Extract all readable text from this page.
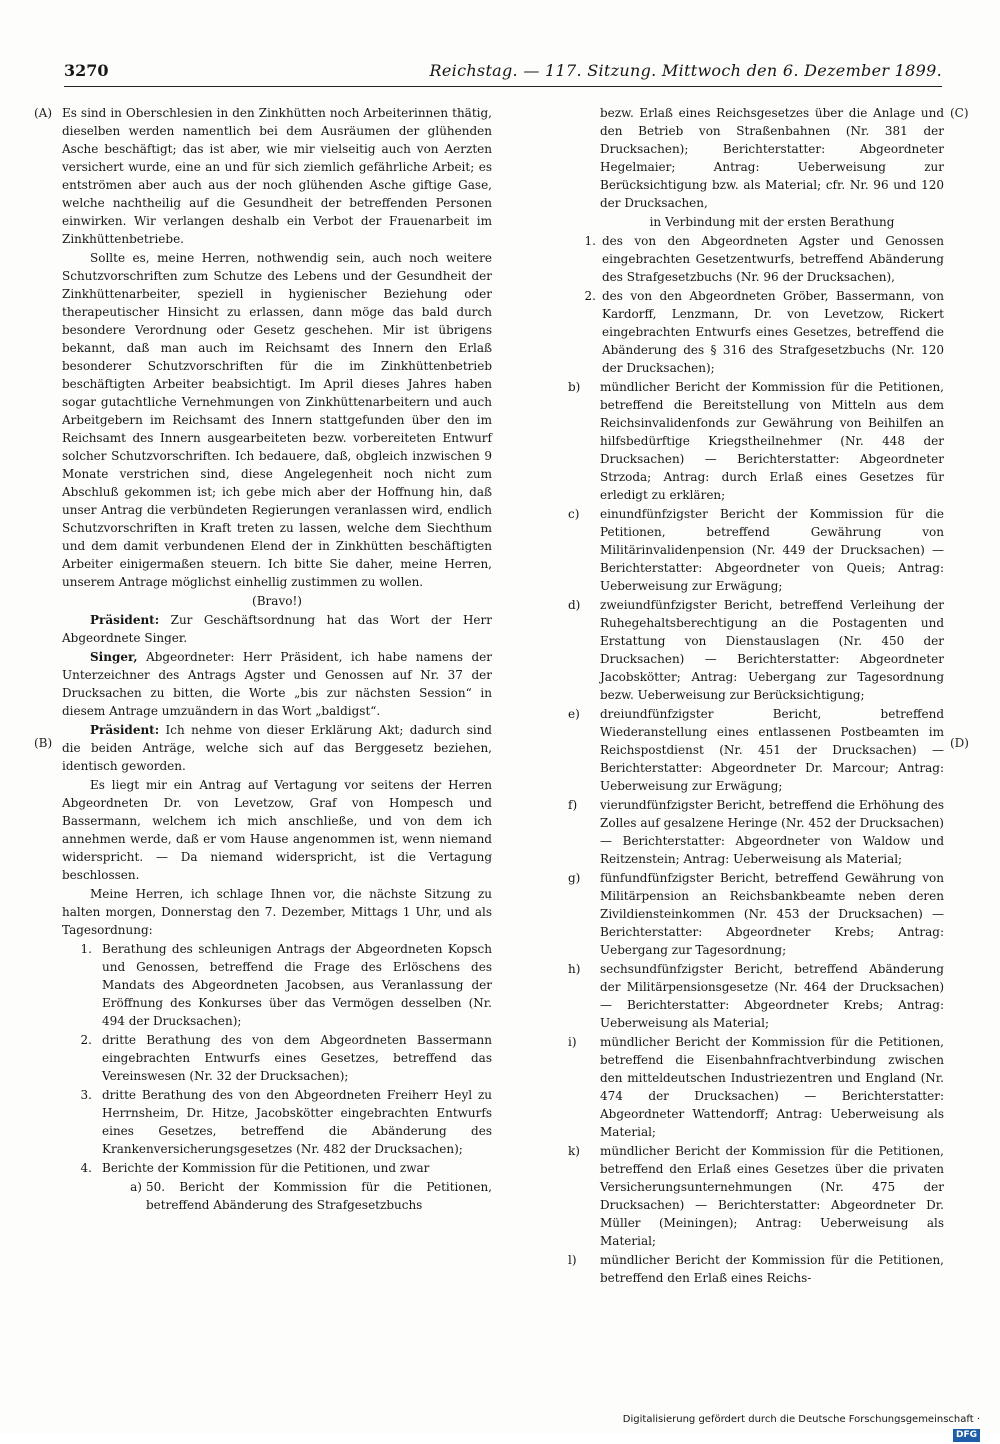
3270	Reichstag. — 117. Sitzung. Mittwoch den 6. Dezember 1899.
(A)
(B)
(C)
(D)

Es sind in Oberschlesien in den Zinkhütten noch Arbeiterinnen thätig, dieselben werden namentlich bei dem Ausräumen der glühenden Asche beschäftigt; das ist aber, wie mir vielseitig auch von Aerzten versichert wurde, eine an und für sich ziemlich gefährliche Arbeit; es entströmen aber auch aus der noch glühenden Asche giftige Gase, welche nachtheilig auf die Gesundheit der betreffenden Personen einwirken. Wir verlangen deshalb ein Verbot der Frauenarbeit im Zinkhüttenbetriebe.

Sollte es, meine Herren, nothwendig sein, auch noch weitere Schutzvorschriften zum Schutze des Lebens und der Gesundheit der Zinkhüttenarbeiter, speziell in hygienischer Beziehung oder therapeutischer Hinsicht zu erlassen, dann möge das bald durch besondere Verordnung oder Gesetz geschehen. Mir ist übrigens bekannt, daß man auch im Reichsamt des Innern den Erlaß besonderer Schutzvorschriften für die im Zinkhüttenbetrieb beschäftigten Arbeiter beabsichtigt. Im April dieses Jahres haben sogar gutachtliche Vernehmungen von Zinkhüttenarbeitern und auch Arbeitgebern im Reichsamt des Innern stattgefunden über den im Reichsamt des Innern ausgearbeiteten bezw. vorbereiteten Entwurf solcher Schutzvorschriften. Ich bedauere, daß, obgleich inzwischen 9 Monate verstrichen sind, diese Angelegenheit noch nicht zum Abschluß gekommen ist; ich gebe mich aber der Hoffnung hin, daß unser Antrag die verbündeten Regierungen veranlassen wird, endlich Schutzvorschriften in Kraft treten zu lassen, welche dem Siechthum und dem damit verbundenen Elend der in Zinkhütten beschäftigten Arbeiter einigermaßen steuern. Ich bitte Sie daher, meine Herren, unserem Antrage möglichst einhellig zustimmen zu wollen.

(Bravo!)

Präsident: Zur Geschäftsordnung hat das Wort der Herr Abgeordnete Singer.

Singer, Abgeordneter: Herr Präsident, ich habe namens der Unterzeichner des Antrags Agster und Genossen auf Nr. 37 der Drucksachen zu bitten, die Worte „bis zur nächsten Session“ in diesem Antrage umzuändern in das Wort „baldigst“.

Präsident: Ich nehme von dieser Erklärung Akt; dadurch sind die beiden Anträge, welche sich auf das Berggesetz beziehen, identisch geworden.

Es liegt mir ein Antrag auf Vertagung vor seitens der Herren Abgeordneten Dr. von Levetzow, Graf von Hompesch und Bassermann, welchem ich mich anschließe, und von dem ich annehmen werde, daß er vom Hause angenommen ist, wenn niemand widerspricht. — Da niemand widerspricht, ist die Vertagung beschlossen.

Meine Herren, ich schlage Ihnen vor, die nächste Sitzung zu halten morgen, Donnerstag den 7. Dezember, Mittags 1 Uhr, und als Tagesordnung:

1. Berathung des schleunigen Antrags der Abgeordneten Kopsch und Genossen, betreffend die Frage des Erlöschens des Mandats des Abgeordneten Jacobsen, aus Veranlassung der Eröffnung des Konkurses über das Vermögen desselben (Nr. 494 der Drucksachen);
2. dritte Berathung des von dem Abgeordneten Bassermann eingebrachten Entwurfs eines Gesetzes, betreffend das Vereinswesen (Nr. 32 der Drucksachen);
3. dritte Berathung des von den Abgeordneten Freiherr Heyl zu Herrnsheim, Dr. Hitze, Jacobskötter eingebrachten Entwurfs eines Gesetzes, betreffend die Abänderung des Krankenversicherungsgesetzes (Nr. 482 der Drucksachen);
4. Berichte der Kommission für die Petitionen, und zwar
a) 50. Bericht der Kommission für die Petitionen, betreffend Abänderung des Strafgesetzbuchs

bezw. Erlaß eines Reichsgesetzes über die Anlage und den Betrieb von Straßenbahnen (Nr. 381 der Drucksachen); Berichterstatter: Abgeordneter Hegelmaier; Antrag: Ueberweisung zur Berücksichtigung bzw. als Material; cfr. Nr. 96 und 120 der Drucksachen,

in Verbindung mit der ersten Berathung

1. des von den Abgeordneten Agster und Genossen eingebrachten Gesetzentwurfs, betreffend Abänderung des Strafgesetzbuchs (Nr. 96 der Drucksachen),
2. des von den Abgeordneten Gröber, Bassermann, von Kardorff, Lenzmann, Dr. von Levetzow, Rickert eingebrachten Entwurfs eines Gesetzes, betreffend die Abänderung des § 316 des Strafgesetzbuchs (Nr. 120 der Drucksachen);
b)	mündlicher Bericht der Kommission für die Petitionen, betreffend die Bereitstellung von Mitteln aus dem Reichsinvalidenfonds zur Gewährung von Beihilfen an hilfsbedürftige Kriegstheilnehmer (Nr. 448 der Drucksachen) — Berichterstatter: Abgeordneter Strzoda; Antrag: durch Erlaß eines Gesetzes für erledigt zu erklären;
c)	einundfünfzigster Bericht der Kommission für die Petitionen, betreffend Gewährung von Militärinvalidenpension (Nr. 449 der Drucksachen) — Berichterstatter: Abgeordneter von Queis; Antrag: Ueberweisung zur Erwägung;
d)	zweiundfünfzigster Bericht, betreffend Verleihung der Ruhegehaltsberechtigung an die Postagenten und Erstattung von Dienstauslagen (Nr. 450 der Drucksachen) — Berichterstatter: Abgeordneter Jacobskötter; Antrag: Uebergang zur Tagesordnung bezw. Ueberweisung zur Berücksichtigung;
e)	dreiundfünfzigster Bericht, betreffend Wiederanstellung eines entlassenen Postbeamten im Reichspostdienst (Nr. 451 der Drucksachen) — Berichterstatter: Abgeordneter Dr. Marcour; Antrag: Ueberweisung zur Erwägung;
f)	vierundfünfzigster Bericht, betreffend die Erhöhung des Zolles auf gesalzene Heringe (Nr. 452 der Drucksachen) — Berichterstatter: Abgeordneter von Waldow und Reitzenstein; Antrag: Ueberweisung als Material;
g)	fünfundfünfzigster Bericht, betreffend Gewährung von Militärpension an Reichsbankbeamte neben deren Zivildiensteinkommen (Nr. 453 der Drucksachen) — Berichterstatter: Abgeordneter Krebs; Antrag: Uebergang zur Tagesordnung;
h)	sechsundfünfzigster Bericht, betreffend Abänderung der Militärpensionsgesetze (Nr. 464 der Drucksachen) — Berichterstatter: Abgeordneter Krebs; Antrag: Ueberweisung als Material;
i)	mündlicher Bericht der Kommission für die Petitionen, betreffend die Eisenbahnfrachtverbindung zwischen den mitteldeutschen Industriezentren und England (Nr. 474 der Drucksachen) — Berichterstatter: Abgeordneter Wattendorff; Antrag: Ueberweisung als Material;
k)	mündlicher Bericht der Kommission für die Petitionen, betreffend den Erlaß eines Gesetzes über die privaten Versicherungsunternehmungen (Nr. 475 der Drucksachen) — Berichterstatter: Abgeordneter Dr. Müller (Meiningen); Antrag: Ueberweisung als Material;
l)	mündlicher Bericht der Kommission für die Petitionen, betreffend den Erlaß eines Reichs-
Digitalisierung gefördert durch die Deutsche Forschungsgemeinschaft ·DFG
